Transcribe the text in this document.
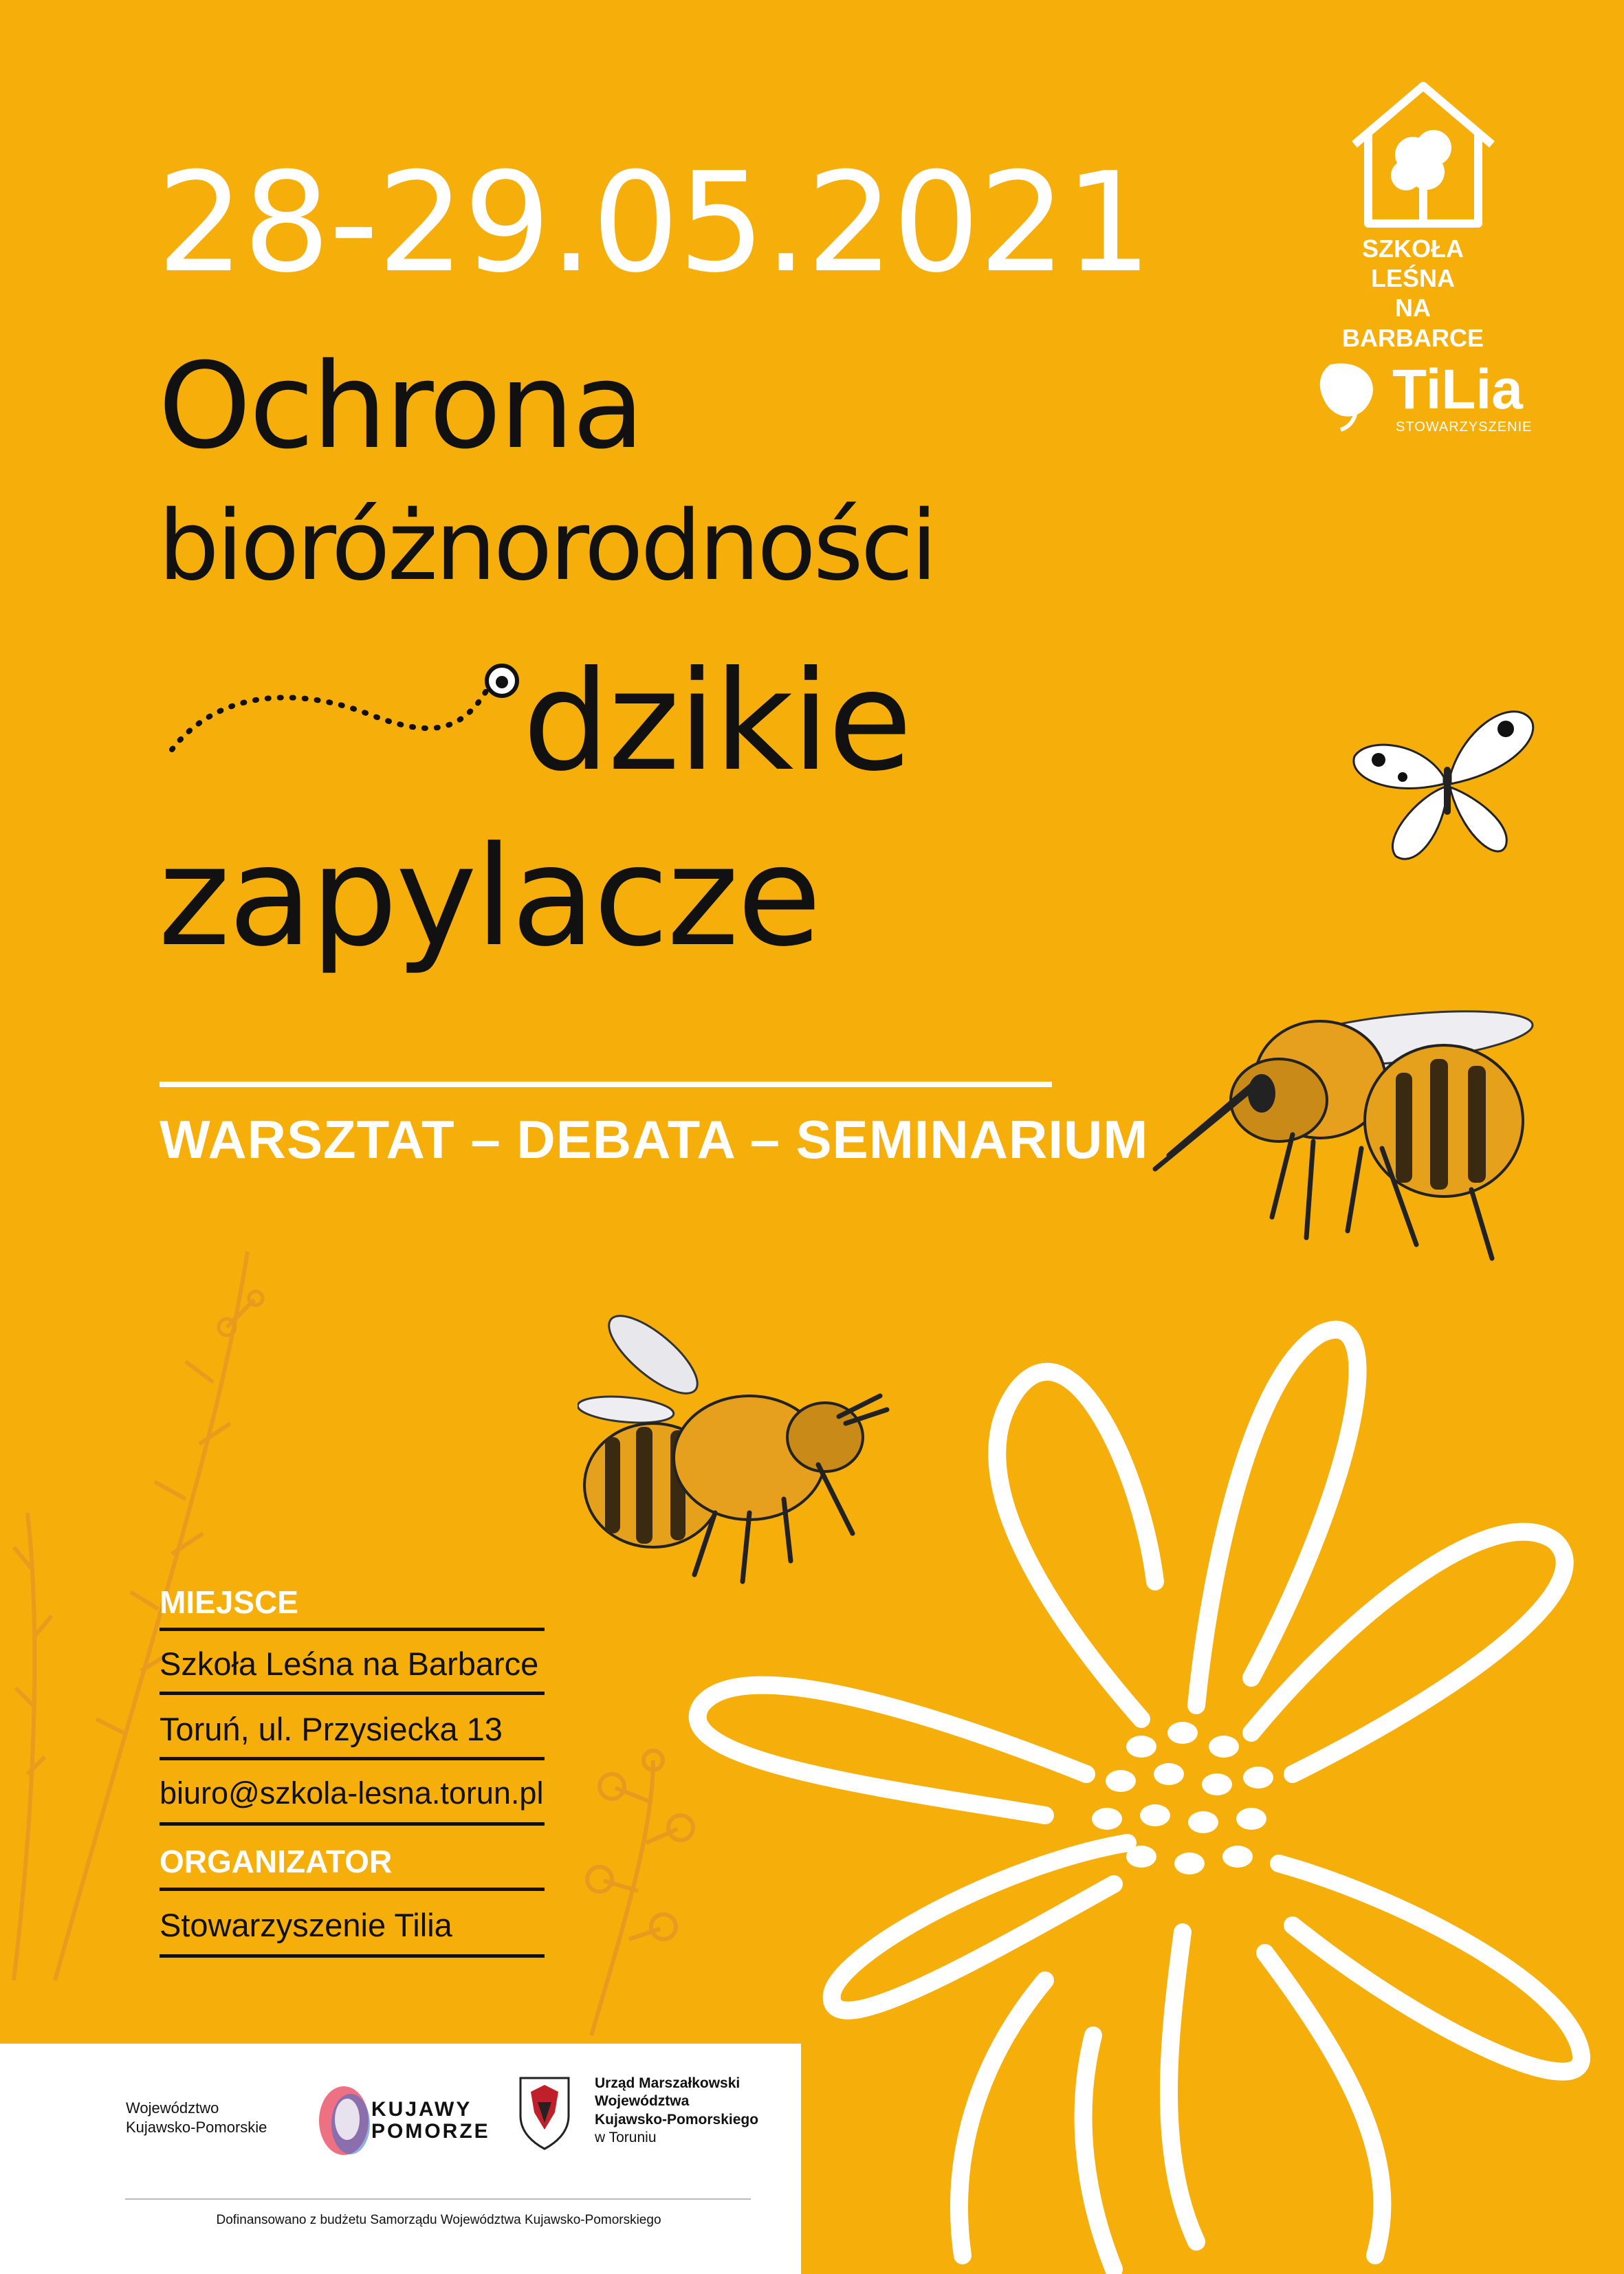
SZKOŁA LEŚNA
NA BARBARCE
TiLia
STOWARZYSZENIE
28-29.05.2021
Ochrona
bioróżnorodności
dzikie
zapylacze
WARSZTAT – DEBATA – SEMINARIUM
MIEJSCE
Szkoła Leśna na Barbarce
Toruń, ul. Przysiecka 13
biuro@szkola-lesna.torun.pl
ORGANIZATOR
Stowarzyszenie Tilia
Województwo
Kujawsko-Pomorskie
KUJAWY
POMORZE
Urząd Marszałkowski
Województwa
Kujawsko-Pomorskiego
w Toruniu
Dofinansowano z budżetu Samorządu Województwa Kujawsko-Pomorskiego
